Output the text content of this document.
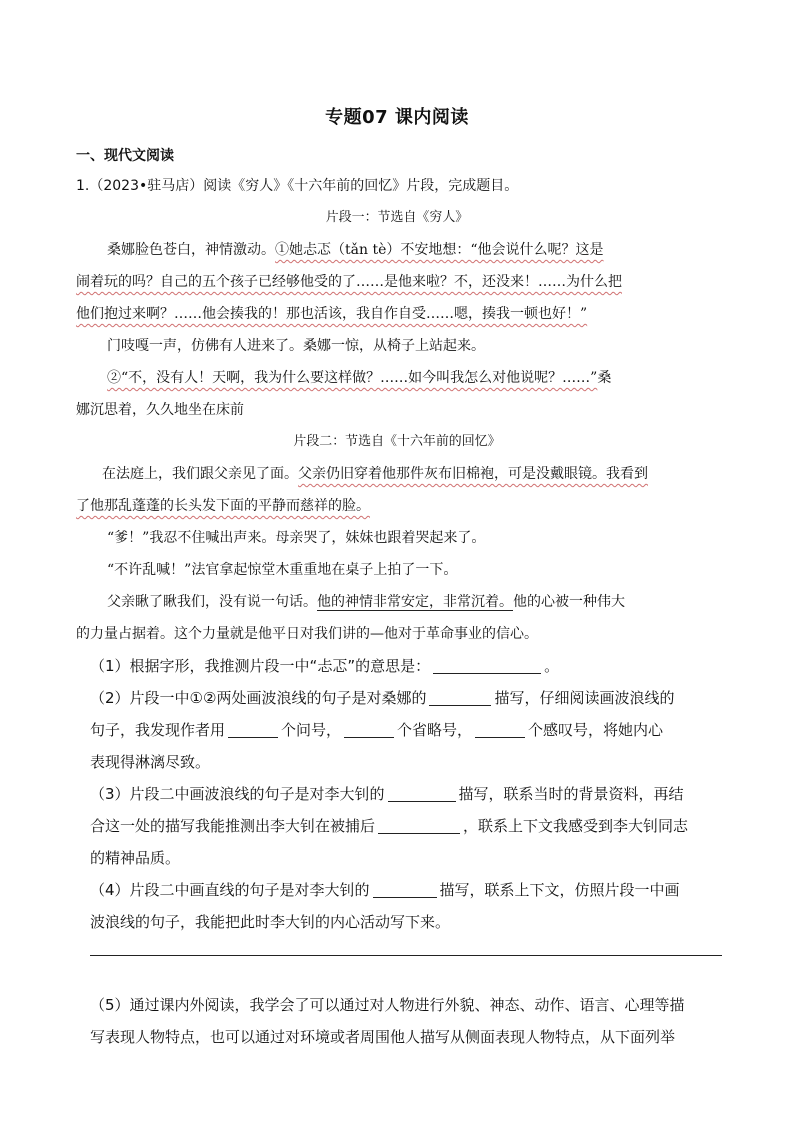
专题07 课内阅读
一、现代文阅读
1.（2023•驻马店）阅读《穷人》《十六年前的回忆》片段，完成题目。
片段一：节选自《穷人》
桑娜脸色苍白，神情激动。①她忐忑（tǎn tè）不安地想：“他会说什么呢？这是
闹着玩的吗？自己的五个孩子已经够他受的了……是他来啦？不，还没来！……为什么把
他们抱过来啊？……他会揍我的！那也活该，我自作自受……嗯，揍我一顿也好！”
门吱嘎一声，仿佛有人进来了。桑娜一惊，从椅子上站起来。
②“不，没有人！天啊，我为什么要这样做？……如今叫我怎么对他说呢？……”桑
娜沉思着，久久地坐在床前
片段二：节选自《十六年前的回忆》
在法庭上，我们跟父亲见了面。父亲仍旧穿着他那件灰布旧棉袍，可是没戴眼镜。我看到
了他那乱蓬蓬的长头发下面的平静而慈祥的脸。
“爹！”我忍不住喊出声来。母亲哭了，妹妹也跟着哭起来了。
“不许乱喊！”法官拿起惊堂木重重地在桌子上拍了一下。
父亲瞅了瞅我们，没有说一句话。他的神情非常安定，非常沉着。他的心被一种伟大
的力量占据着。这个力量就是他平日对我们讲的—他对于革命事业的信心。
（1）根据字形，我推测片段一中“忐忑”的意思是：	。
（2）片段一中①②两处画波浪线的句子是对桑娜的	描写，仔细阅读画波浪线的
句子，我发现作者用	个问号，	个省略号，	个感叹号，将她内心
表现得淋漓尽致。
（3）片段二中画波浪线的句子是对李大钊的	描写，联系当时的背景资料，再结
合这一处的描写我能推测出李大钊在被捕后	，联系上下文我感受到李大钊同志
的精神品质。
（4）片段二中画直线的句子是对李大钊的	描写，联系上下文，仿照片段一中画
波浪线的句子，我能把此时李大钊的内心活动写下来。
（5）通过课内外阅读，我学会了可以通过对人物进行外貌、神态、动作、语言、心理等描
写表现人物特点，也可以通过对环境或者周围他人描写从侧面表现人物特点，从下面列举
